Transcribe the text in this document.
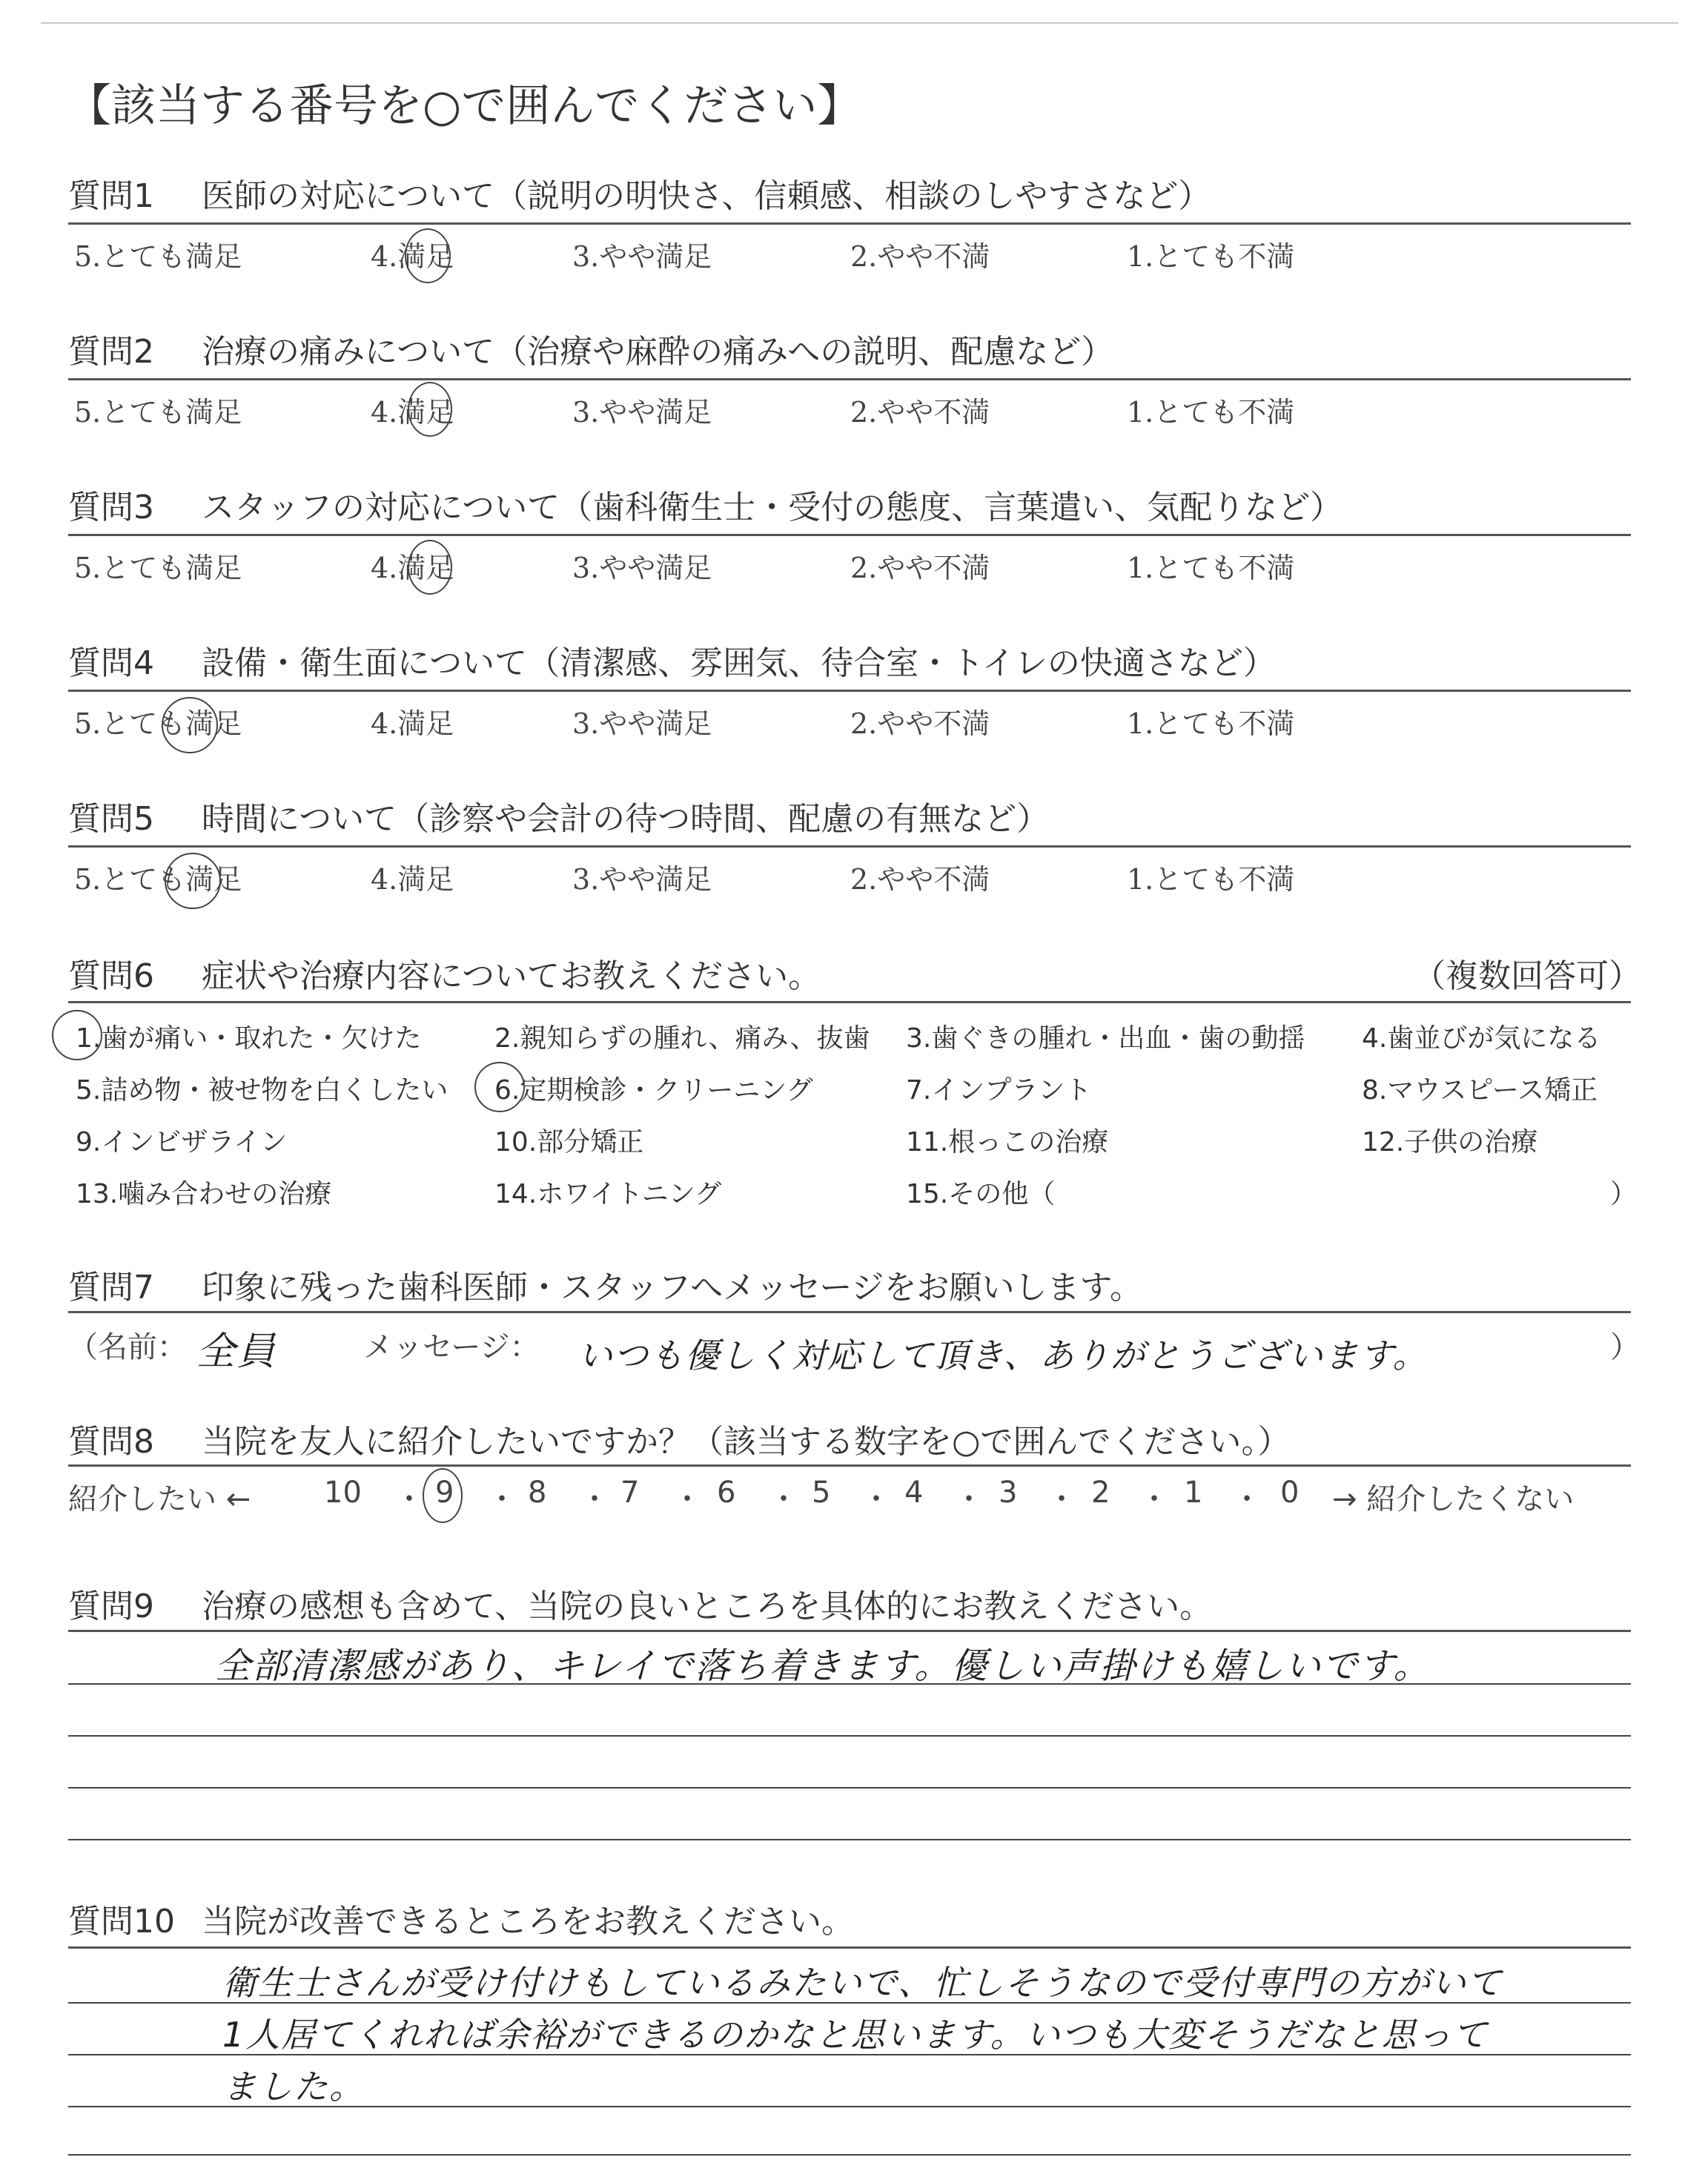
【該当する番号を○で囲んでください】
質問1 医師の対応について（説明の明快さ、信頼感、相談のしやすさなど）
5.とても満足	4.満足	3.やや満足	2.やや不満	1.とても不満
質問2 治療の痛みについて（治療や麻酔の痛みへの説明、配慮など）
5.とても満足	4.満足	3.やや満足	2.やや不満	1.とても不満
質問3 スタッフの対応について（歯科衛生士・受付の態度、言葉遣い、気配りなど）
5.とても満足	4.満足	3.やや満足	2.やや不満	1.とても不満
質問4 設備・衛生面について（清潔感、雰囲気、待合室・トイレの快適さなど）
5.とても満足	4.満足	3.やや満足	2.やや不満	1.とても不満
質問5 時間について（診察や会計の待つ時間、配慮の有無など）
5.とても満足	4.満足	3.やや満足	2.やや不満	1.とても不満
質問6 症状や治療内容についてお教えください。	（複数回答可）
1.歯が痛い・取れた・欠けた	2.親知らずの腫れ、痛み、抜歯 3.歯ぐきの腫れ・出血・歯の動揺 4.歯並びが気になる
5.詰め物・被せ物を白くしたい 6.定期検診・クリーニング	7.インプラント	8.マウスピース矯正
9.インビザライン	10.部分矯正	11.根っこの治療	12.子供の治療
13.噛み合わせの治療	14.ホワイトニング	15.その他（	）
質問7 印象に残った歯科医師・スタッフへメッセージをお願いします。
（名前： 全員	メッセージ： いつも優しく対応して頂き、ありがとうございます。	）
質問8 当院を友人に紹介したいですか？（該当する数字を○で囲んでください。）
紹介したい ← 10 ・ 9 ・ 8 ・ 7 ・ 6 ・ 5 ・ 4 ・ 3 ・ 2 ・ 1 ・ 0 → 紹介したくない
質問9 治療の感想も含めて、当院の良いところを具体的にお教えください。
全部清潔感があり、キレイで落ち着きます。優しい声掛けも嬉しいです。
質問10 当院が改善できるところをお教えください。
衛生士さんが受け付けもしているみたいで、忙しそうなので受付専門の方がいて
1人居てくれれば余裕ができるのかなと思います。いつも大変そうだなと思って
ました。
